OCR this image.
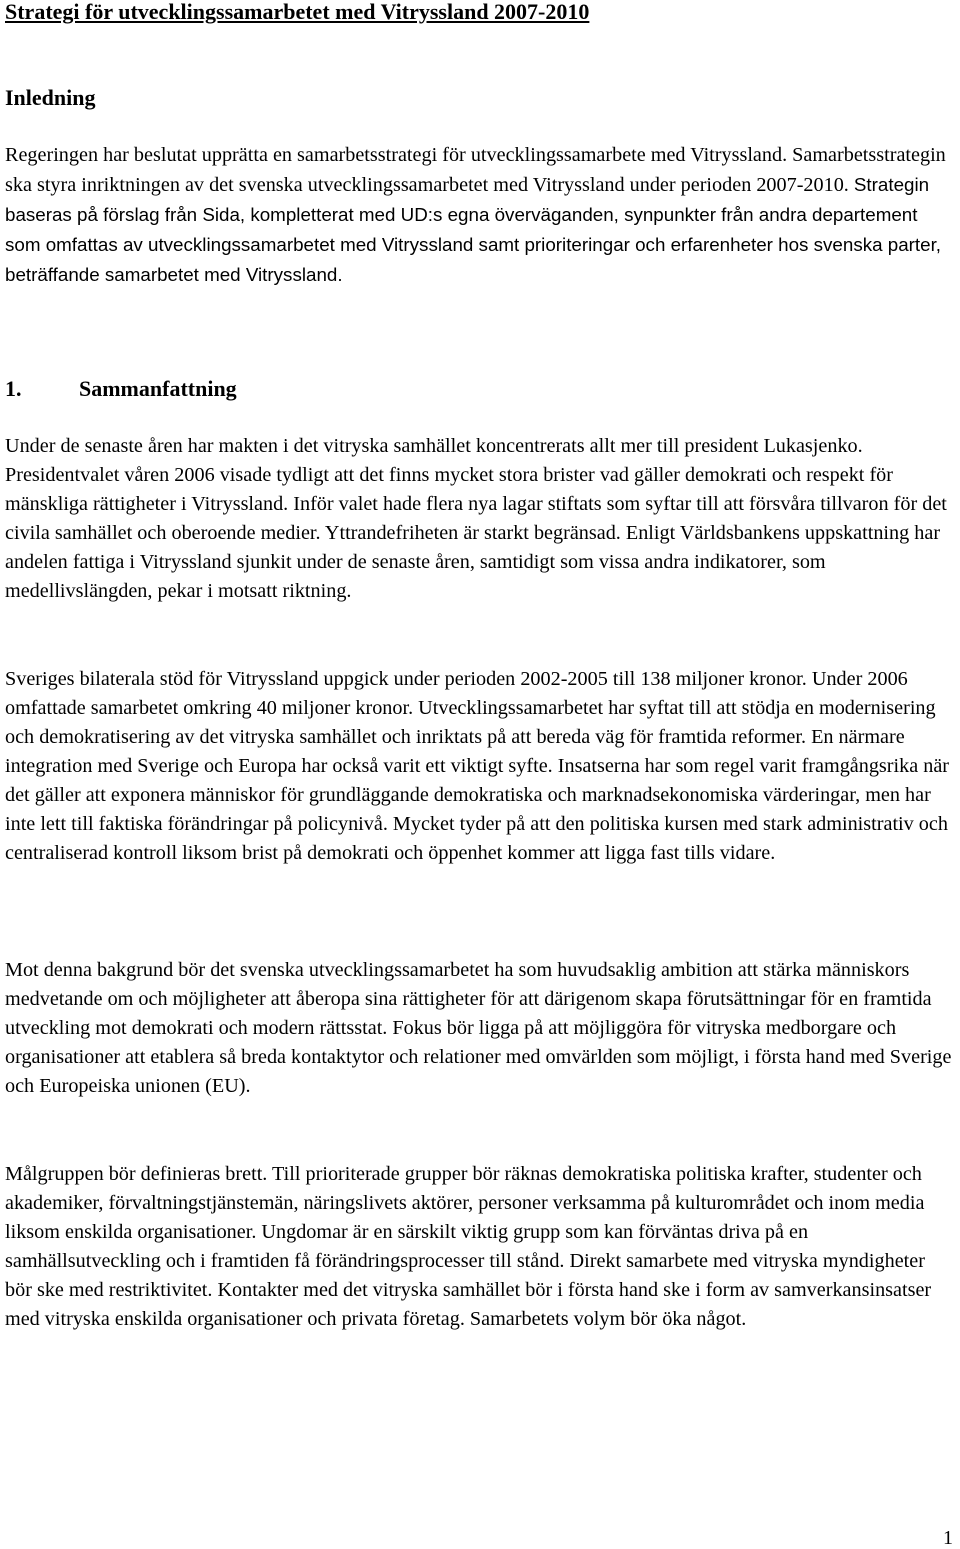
Strategi för utvecklingssamarbetet med Vitryssland 2007-2010
Inledning

Regeringen har beslutat upprätta en samarbetsstrategi för utvecklingssamarbete med Vitryssland. Samarbetsstrategin ska styra inriktningen av det svenska utvecklingssamarbetet med Vitryssland under perioden 2007-2010. Strategin baseras på förslag från Sida, kompletterat med UD:s egna överväganden, synpunkter från andra departement som omfattas av utvecklingssamarbetet med Vitryssland samt prioriteringar och erfarenheter hos svenska parter, beträffande samarbetet med Vitryssland.

1.	Sammanfattning

Under de senaste åren har makten i det vitryska samhället koncentrerats allt mer till president Lukasjenko. Presidentvalet våren 2006 visade tydligt att det finns mycket stora brister vad gäller demokrati och respekt för mänskliga rättigheter i Vitryssland. Inför valet hade flera nya lagar stiftats som syftar till att försvåra tillvaron för det civila samhället och oberoende medier. Yttrandefriheten är starkt begränsad. Enligt Världsbankens uppskattning har andelen fattiga i Vitryssland sjunkit under de senaste åren, samtidigt som vissa andra indikatorer, som medellivslängden, pekar i motsatt riktning.

Sveriges bilaterala stöd för Vitryssland uppgick under perioden 2002-2005 till 138 miljoner kronor. Under 2006 omfattade samarbetet omkring 40 miljoner kronor. Utvecklingssamarbetet har syftat till att stödja en modernisering och demokratisering av det vitryska samhället och inriktats på att bereda väg för framtida reformer. En närmare integration med Sverige och Europa har också varit ett viktigt syfte. Insatserna har som regel varit framgångsrika när det gäller att exponera människor för grundläggande demokratiska och marknadsekonomiska värderingar, men har inte lett till faktiska förändringar på policynivå. Mycket tyder på att den politiska kursen med stark administrativ och centraliserad kontroll liksom brist på demokrati och öppenhet kommer att ligga fast tills vidare.

Mot denna bakgrund bör det svenska utvecklingssamarbetet ha som huvudsaklig ambition att stärka människors medvetande om och möjligheter att åberopa sina rättigheter för att därigenom skapa förutsättningar för en framtida utveckling mot demokrati och modern rättsstat. Fokus bör ligga på att möjliggöra för vitryska medborgare och organisationer att etablera så breda kontaktytor och relationer med omvärlden som möjligt, i första hand med Sverige och Europeiska unionen (EU).

Målgruppen bör definieras brett. Till prioriterade grupper bör räknas demokratiska politiska krafter, studenter och akademiker, förvaltningstjänstemän, näringslivets aktörer, personer verksamma på kulturområdet och inom media liksom enskilda organisationer. Ungdomar är en särskilt viktig grupp som kan förväntas driva på en samhällsutveckling och i framtiden få förändringsprocesser till stånd. Direkt samarbete med vitryska myndigheter bör ske med restriktivitet. Kontakter med det vitryska samhället bör i första hand ske i form av samverkansinsatser med vitryska enskilda organisationer och privata företag. Samarbetets volym bör öka något.

1
